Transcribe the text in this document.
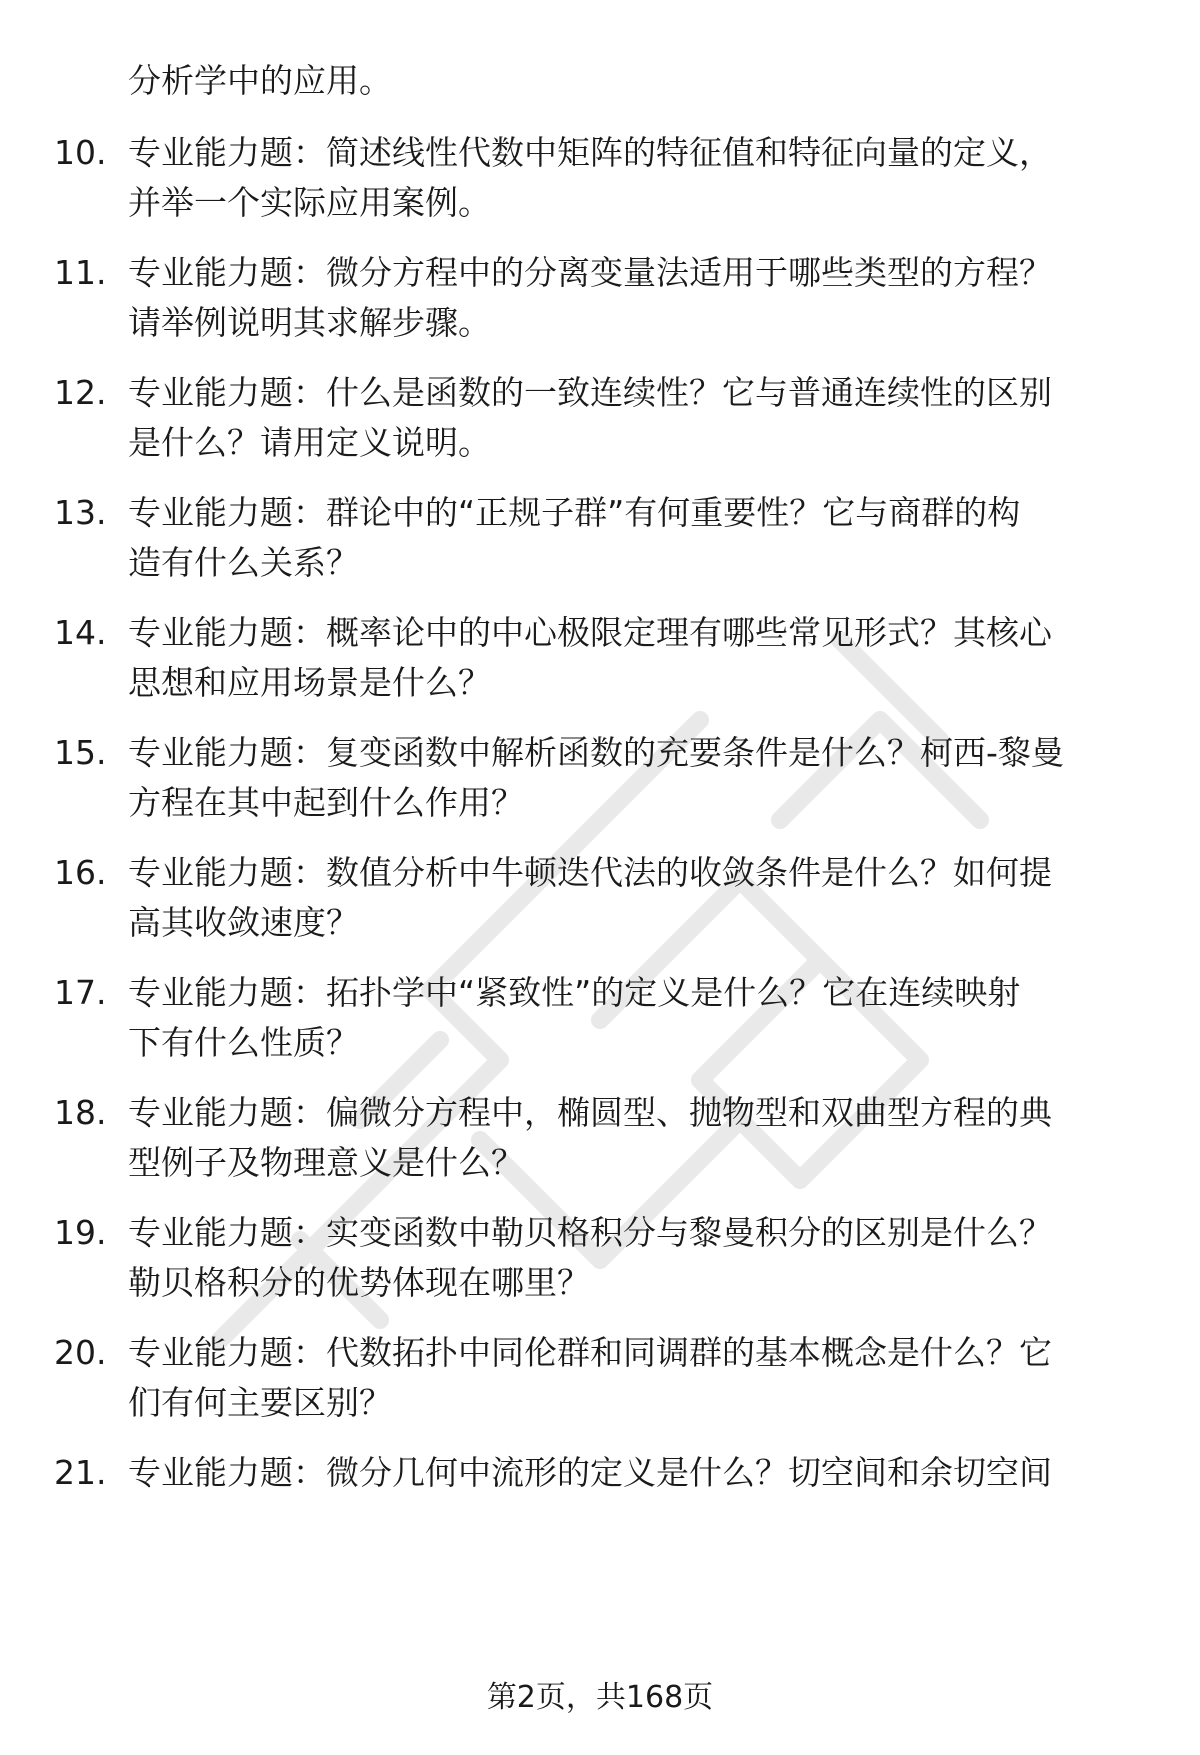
分析学中的应用。
10. 专业能力题：简述线性代数中矩阵的特征值和特征向量的定义，
并举一个实际应用案例。
11. 专业能力题：微分方程中的分离变量法适用于哪些类型的方程？
请举例说明其求解步骤。
12. 专业能力题：什么是函数的一致连续性？它与普通连续性的区别
是什么？请用定义说明。
13. 专业能力题：群论中的“正规子群”有何重要性？它与商群的构
造有什么关系？
14. 专业能力题：概率论中的中心极限定理有哪些常见形式？其核心
思想和应用场景是什么？
15. 专业能力题：复变函数中解析函数的充要条件是什么？柯西-黎曼
方程在其中起到什么作用？
16. 专业能力题：数值分析中牛顿迭代法的收敛条件是什么？如何提
高其收敛速度？
17. 专业能力题：拓扑学中“紧致性”的定义是什么？它在连续映射
下有什么性质？
18. 专业能力题：偏微分方程中，椭圆型、抛物型和双曲型方程的典
型例子及物理意义是什么？
19. 专业能力题：实变函数中勒贝格积分与黎曼积分的区别是什么？
勒贝格积分的优势体现在哪里？
20. 专业能力题：代数拓扑中同伦群和同调群的基本概念是什么？它
们有何主要区别？
21. 专业能力题：微分几何中流形的定义是什么？切空间和余切空间
第2页，共168页
